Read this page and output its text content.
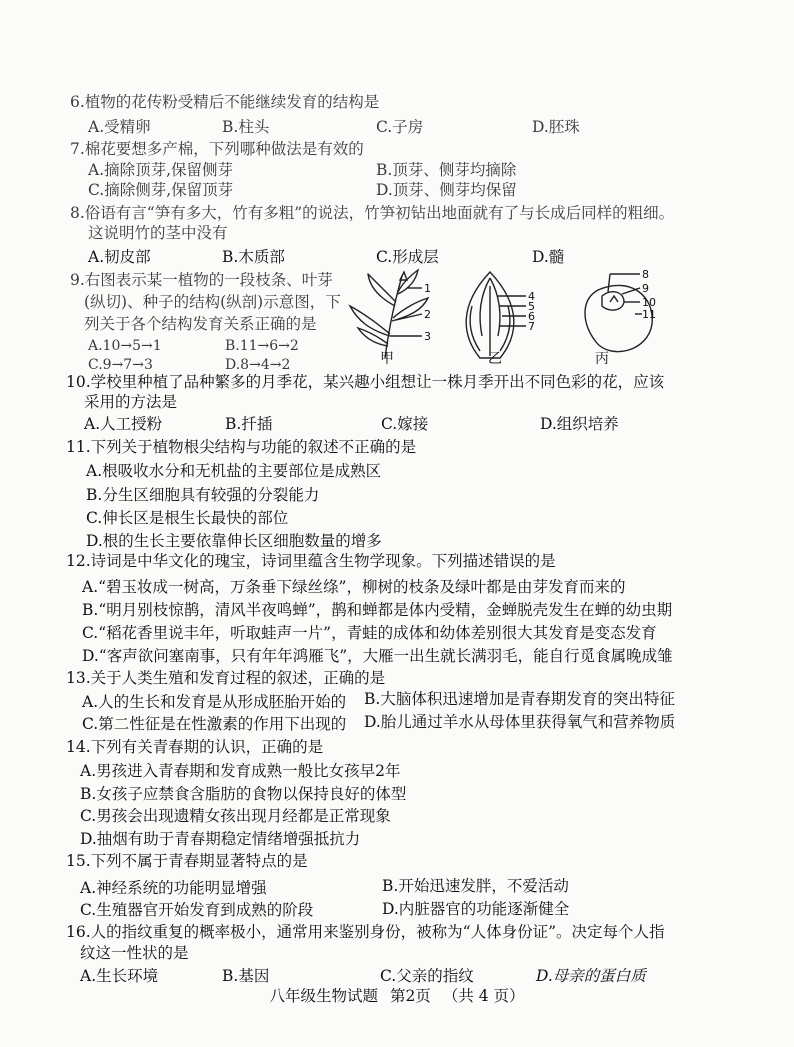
6.植物的花传粉受精后不能继续发育的结构是
A.受精卵	B.柱头	C.子房	D.胚珠
7.棉花要想多产棉，下列哪种做法是有效的
A.摘除顶芽,保留侧芽	B.顶芽、侧芽均摘除
C.摘除侧芽,保留顶芽	D.顶芽、侧芽均保留
8.俗语有言“笋有多大，竹有多粗”的说法，竹笋初钻出地面就有了与长成后同样的粗细。
这说明竹的茎中没有
A.韧皮部	B.木质部	C.形成层	D.髓
9.右图表示某一植物的一段枝条、叶芽
(纵切)、种子的结构(纵剖)示意图，下
列关于各个结构发育关系正确的是
A.10→5→1	B.11→6→2
C.9→7→3	D.8→4→2
1
2
3
4
5
6
7
8
9
10
11
甲	乙	丙
10.学校里种植了品种繁多的月季花，某兴趣小组想让一株月季开出不同色彩的花，应该
采用的方法是
A.人工授粉	B.扦插	C.嫁接	D.组织培养
11.下列关于植物根尖结构与功能的叙述不正确的是
A.根吸收水分和无机盐的主要部位是成熟区
B.分生区细胞具有较强的分裂能力
C.伸长区是根生长最快的部位
D.根的生长主要依靠伸长区细胞数量的增多
12.诗词是中华文化的瑰宝，诗词里蕴含生物学现象。下列描述错误的是
A.“碧玉妆成一树高，万条垂下绿丝绦”，柳树的枝条及绿叶都是由芽发育而来的
B.“明月别枝惊鹊，清风半夜鸣蝉”，鹊和蝉都是体内受精，金蝉脱壳发生在蝉的幼虫期
C.“稻花香里说丰年，听取蛙声一片”，青蛙的成体和幼体差别很大其发育是变态发育
D.“客声欲问塞南事，只有年年鸿雁飞”，大雁一出生就长满羽毛，能自行觅食属晚成雏
13.关于人类生殖和发育过程的叙述，正确的是
A.人的生长和发育是从形成胚胎开始的 B.大脑体积迅速增加是青春期发育的突出特征
C.第二性征是在性激素的作用下出现的 D.胎儿通过羊水从母体里获得氧气和营养物质
14.下列有关青春期的认识，正确的是
A.男孩进入青春期和发育成熟一般比女孩早2年
B.女孩子应禁食含脂肪的食物以保持良好的体型
C.男孩会出现遗精女孩出现月经都是正常现象
D.抽烟有助于青春期稳定情绪增强抵抗力
15.下列不属于青春期显著特点的是
A.神经系统的功能明显增强	B.开始迅速发胖，不爱活动
C.生殖器官开始发育到成熟的阶段	D.内脏器官的功能逐渐健全
16.人的指纹重复的概率极小，通常用来鉴别身份，被称为“人体身份证”。决定每个人指
纹这一性状的是
A.生长环境	B.基因	C.父亲的指纹	D.母亲的蛋白质
八年级生物试题 第2页 （共 4 页）
